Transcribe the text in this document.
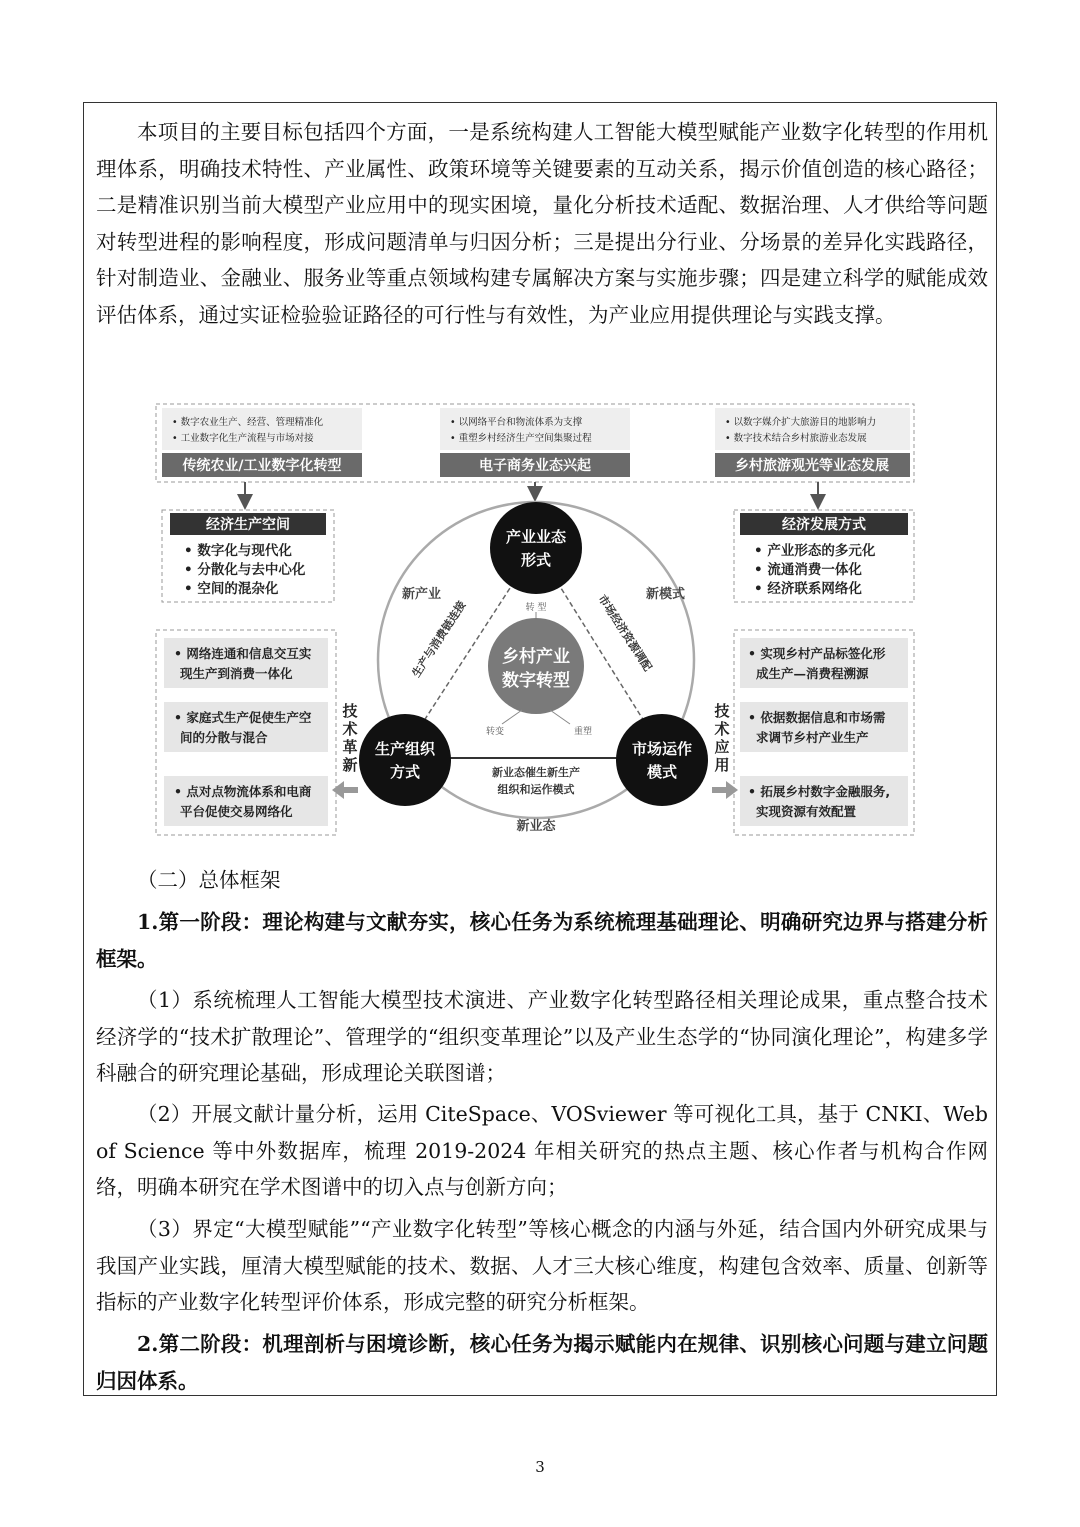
本项目的主要目标包括四个方面，一是系统构建人工智能大模型赋能产业数字化转型的作用机理体系，明确技术特性、产业属性、政策环境等关键要素的互动关系，揭示价值创造的核心路径；二是精准识别当前大模型产业应用中的现实困境，量化分析技术适配、数据治理、人才供给等问题对转型进程的影响程度，形成问题清单与归因分析；三是提出分行业、分场景的差异化实践路径，针对制造业、金融业、服务业等重点领域构建专属解决方案与实施步骤；四是建立科学的赋能成效评估体系，通过实证检验验证路径的可行性与有效性，为产业应用提供理论与实践支撑。

• 数字农业生产、经营、管理精准化
• 工业数字化生产流程与市场对接
传统农业/工业数字化转型
• 以网络平台和物流体系为支撑
• 重塑乡村经济生产空间集聚过程
电子商务业态兴起
• 以数字媒介扩大旅游目的地影响力
• 数字技术结合乡村旅游业态发展
乡村旅游观光等业态发展
经济生产空间
• 数字化与现代化
• 分散化与去中心化
• 空间的混杂化
经济发展方式
• 产业形态的多元化
• 流通消费一体化
• 经济联系网络化
• 网络连通和信息交互实
现生产到消费一体化
• 家庭式生产促使生产空
间的分散与混合
• 点对点物流体系和电商
平台促使交易网络化
• 实现乡村产品标签化形
成生产—消费程溯源
• 依据数据信息和市场需
求调节乡村产业生产
• 拓展乡村数字金融服务,
实现资源有效配置
技
术
革
新
技
术
应
用
新产业	新模式
新业态
生产与消费链连接	市场经济资源调配
新业态催生新生产
组织和运作模式
乡村产业
数字转型
转 型
转变	重塑
产业业态
形式
生产组织
方式
市场运作
模式

（二）总体框架

1.第一阶段：理论构建与文献夯实，核心任务为系统梳理基础理论、明确研究边界与搭建分析框架。

（1）系统梳理人工智能大模型技术演进、产业数字化转型路径相关理论成果，重点整合技术经济学的“技术扩散理论”、管理学的“组织变革理论”以及产业生态学的“协同演化理论”，构建多学科融合的研究理论基础，形成理论关联图谱；

（2）开展文献计量分析，运用 CiteSpace、VOSviewer 等可视化工具，基于 CNKI、Web of Science 等中外数据库，梳理 2019-2024 年相关研究的热点主题、核心作者与机构合作网络，明确本研究在学术图谱中的切入点与创新方向；

（3）界定“大模型赋能”“产业数字化转型”等核心概念的内涵与外延，结合国内外研究成果与我国产业实践，厘清大模型赋能的技术、数据、人才三大核心维度，构建包含效率、质量、创新等指标的产业数字化转型评价体系，形成完整的研究分析框架。

2.第二阶段：机理剖析与困境诊断，核心任务为揭示赋能内在规律、识别核心问题与建立问题归因体系。

3
